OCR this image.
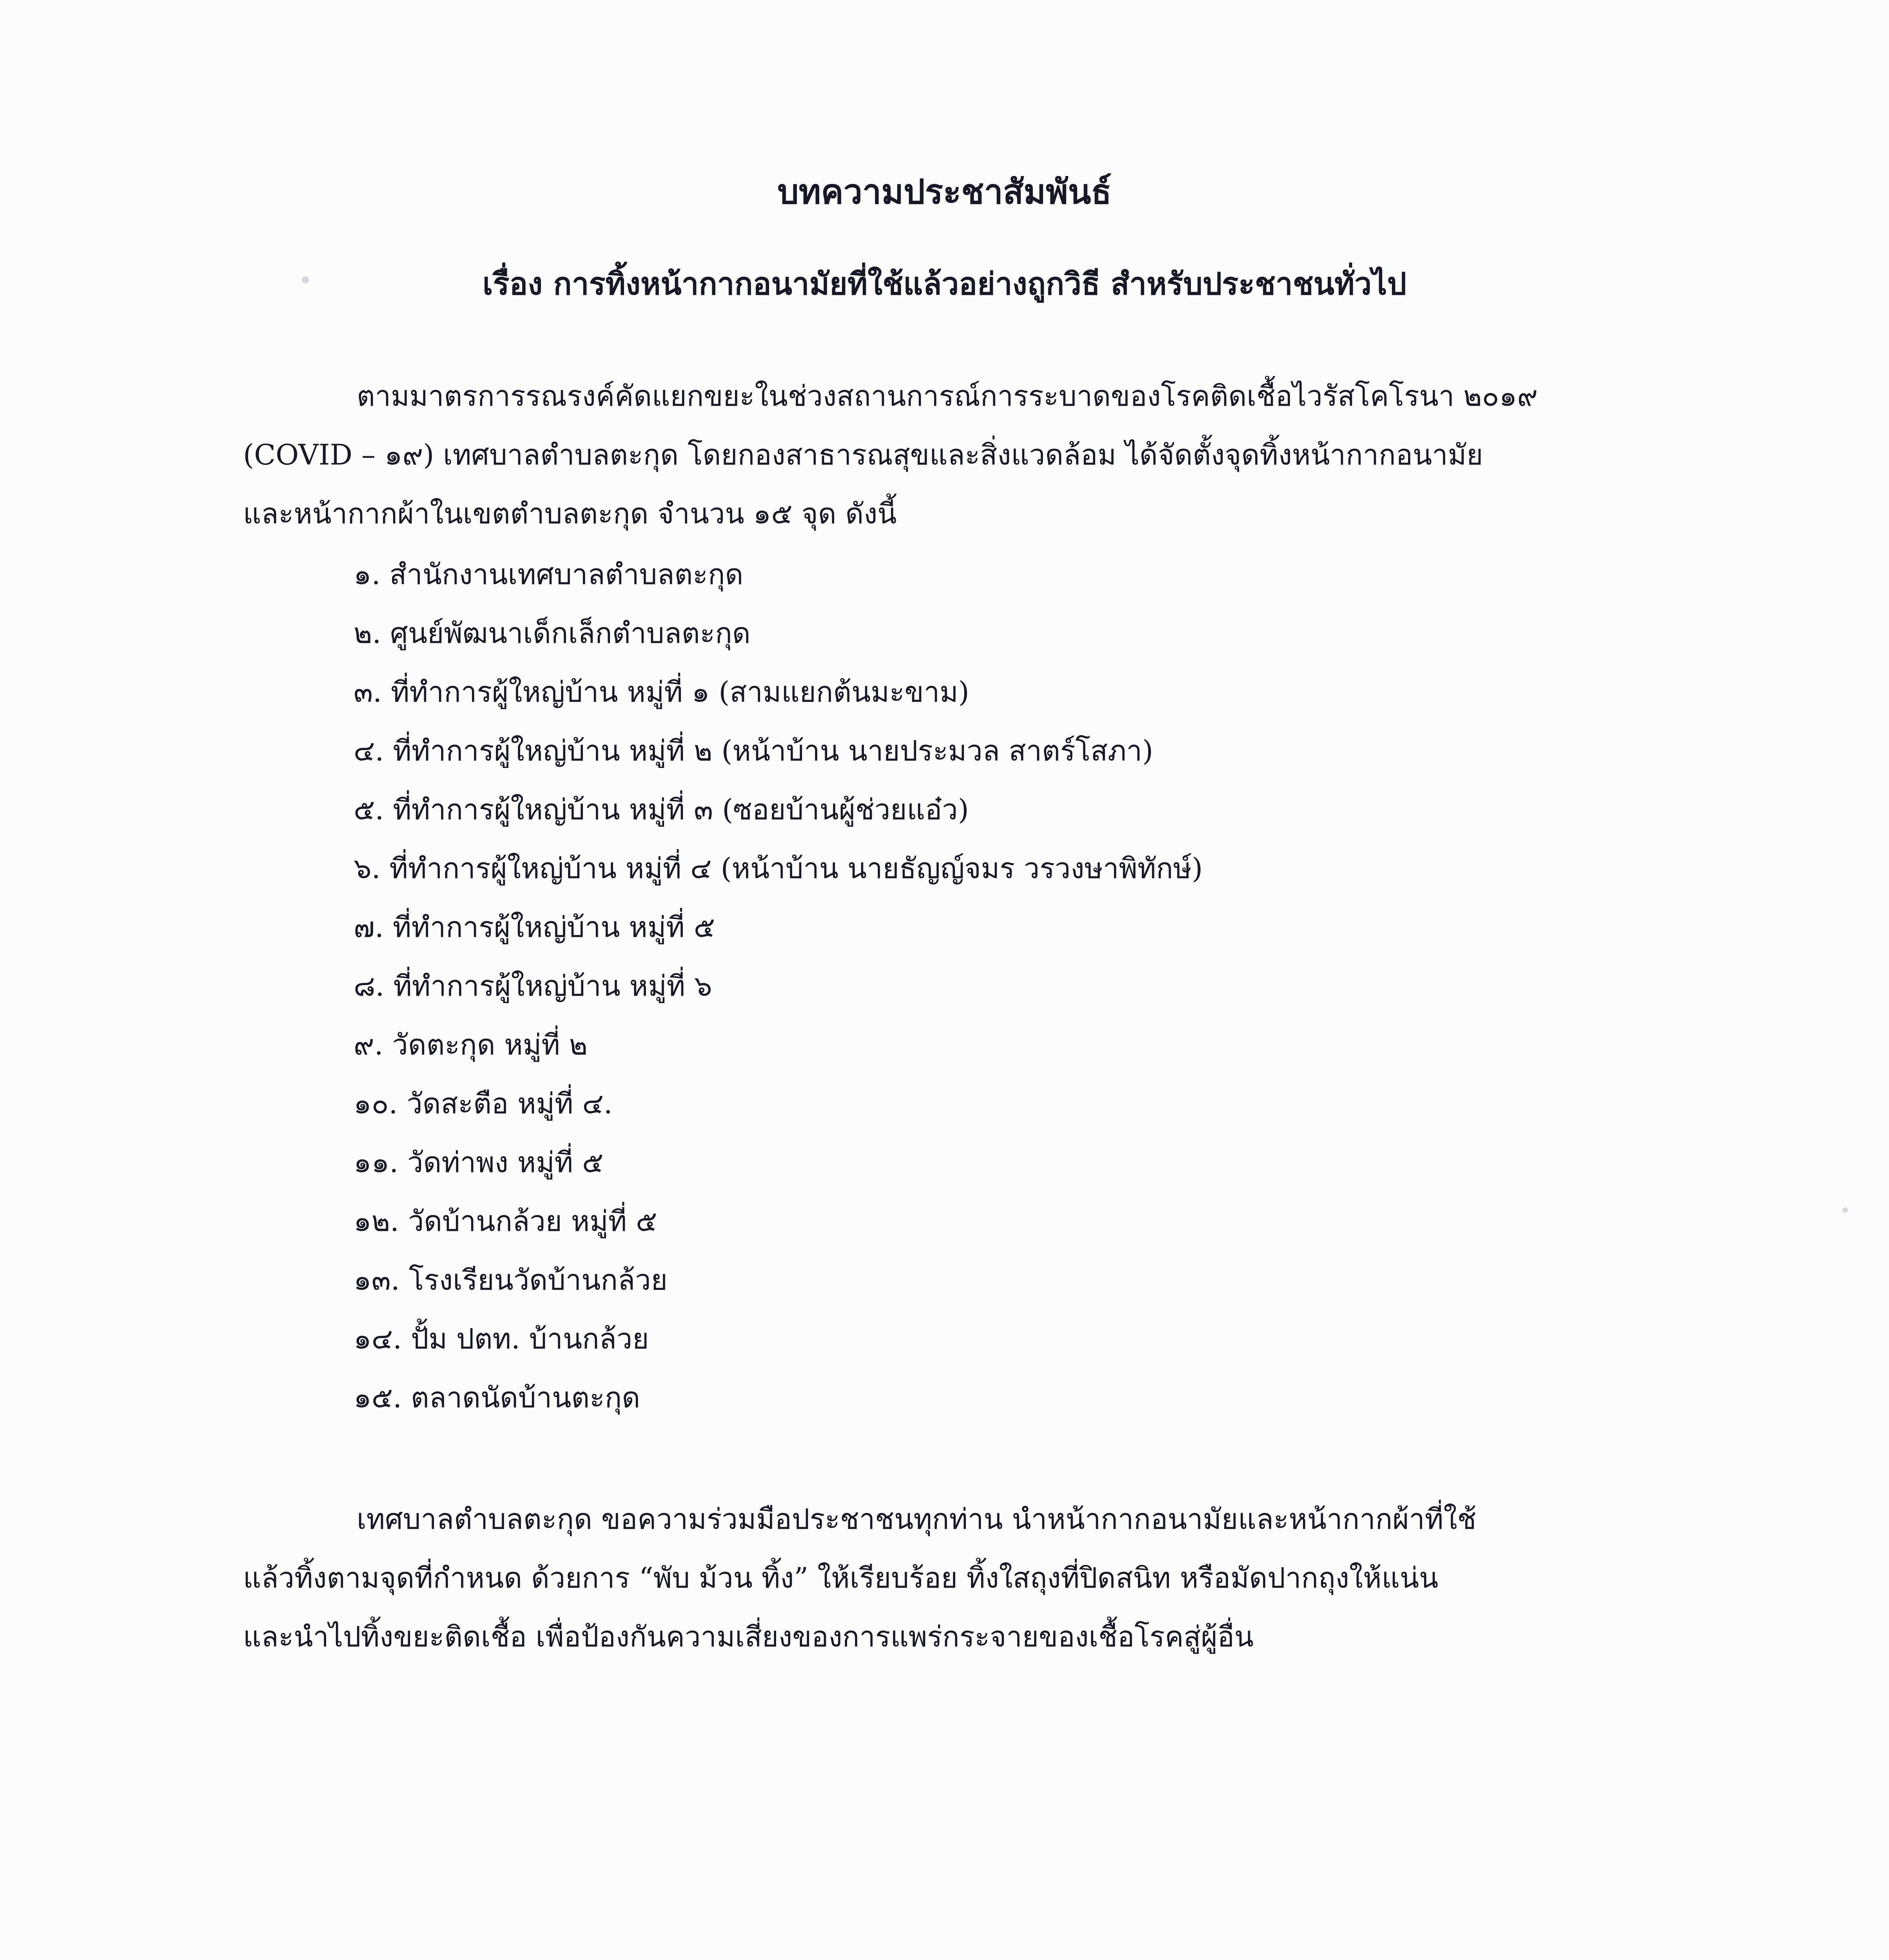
บทความประชาสัมพันธ์
เรื่อง การทิ้งหน้ากากอนามัยที่ใช้แล้วอย่างถูกวิธี สำหรับประชาชนทั่วไป
ตามมาตรการรณรงค์คัดแยกขยะในช่วงสถานการณ์การระบาดของโรคติดเชื้อไวรัสโคโรนา ๒๐๑๙
(COVID – ๑๙) เทศบาลตำบลตะกุด โดยกองสาธารณสุขและสิ่งแวดล้อม ได้จัดตั้งจุดทิ้งหน้ากากอนามัย
และหน้ากากผ้าในเขตตำบลตะกุด จำนวน ๑๕ จุด ดังนี้
๑. สำนักงานเทศบาลตำบลตะกุด
๒. ศูนย์พัฒนาเด็กเล็กตำบลตะกุด
๓. ที่ทำการผู้ใหญ่บ้าน หมู่ที่ ๑ (สามแยกต้นมะขาม)
๔. ที่ทำการผู้ใหญ่บ้าน หมู่ที่ ๒ (หน้าบ้าน นายประมวล สาตร์โสภา)
๕. ที่ทำการผู้ใหญ่บ้าน หมู่ที่ ๓ (ซอยบ้านผู้ช่วยแอ๋ว)
๖. ที่ทำการผู้ใหญ่บ้าน หมู่ที่ ๔ (หน้าบ้าน นายธัญญ์จมร วรวงษาพิทักษ์)
๗. ที่ทำการผู้ใหญ่บ้าน หมู่ที่ ๕
๘. ที่ทำการผู้ใหญ่บ้าน หมู่ที่ ๖
๙. วัดตะกุด หมู่ที่ ๒
๑๐. วัดสะตือ หมู่ที่ ๔.
๑๑. วัดท่าพง หมู่ที่ ๕
๑๒. วัดบ้านกล้วย หมู่ที่ ๕
๑๓. โรงเรียนวัดบ้านกล้วย
๑๔. ปั้ม ปตท. บ้านกล้วย
๑๕. ตลาดนัดบ้านตะกุด
เทศบาลตำบลตะกุด ขอความร่วมมือประชาชนทุกท่าน นำหน้ากากอนามัยและหน้ากากผ้าที่ใช้
แล้วทิ้งตามจุดที่กำหนด ด้วยการ “พับ ม้วน ทิ้ง” ให้เรียบร้อย ทิ้งใสถุงที่ปิดสนิท หรือมัดปากถุงให้แน่น
และนำไปทิ้งขยะติดเชื้อ เพื่อป้องกันความเสี่ยงของการแพร่กระจายของเชื้อโรคสู่ผู้อื่น
